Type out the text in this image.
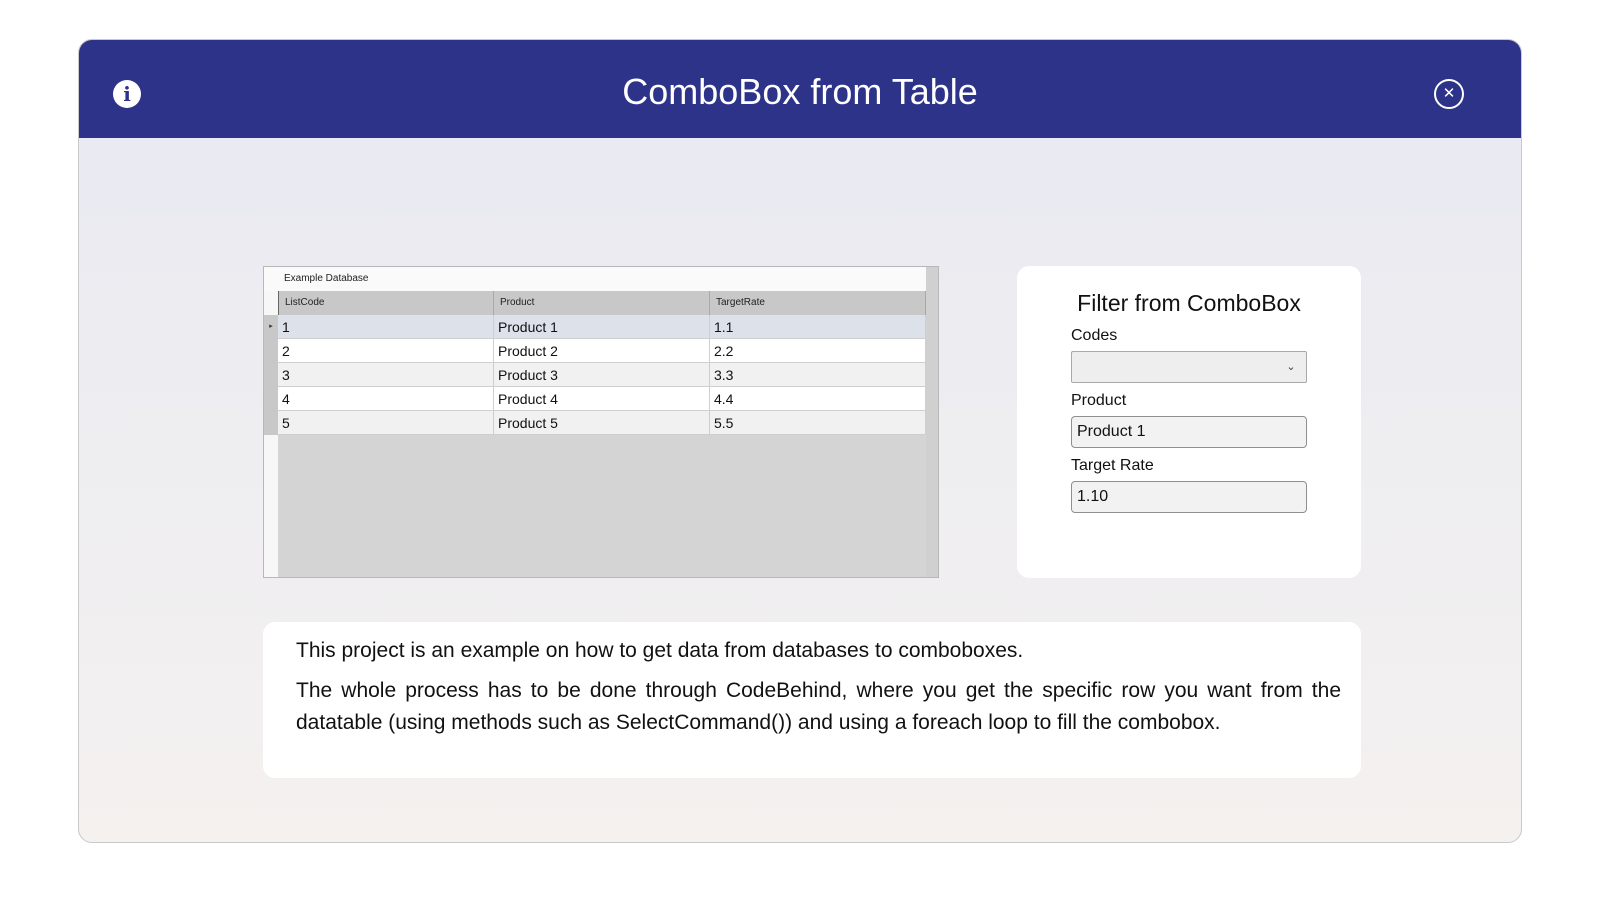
i	ComboBox from Table	✕
Example Database
ListCode	Product	TargetRate
▸ 1	Product 1	1.1
2	Product 2	2.2
3	Product 3	3.3
4	Product 4	4.4
5	Product 5	5.5
Filter from ComboBox
Codes
⌄
Product
Product 1
Target Rate
1.10

This project is an example on how to get data from databases to comboboxes.

The whole process has to be done through CodeBehind, where you get the specific row you want from the datatable (using methods such as SelectCommand()) and using a foreach loop to fill the combobox.
